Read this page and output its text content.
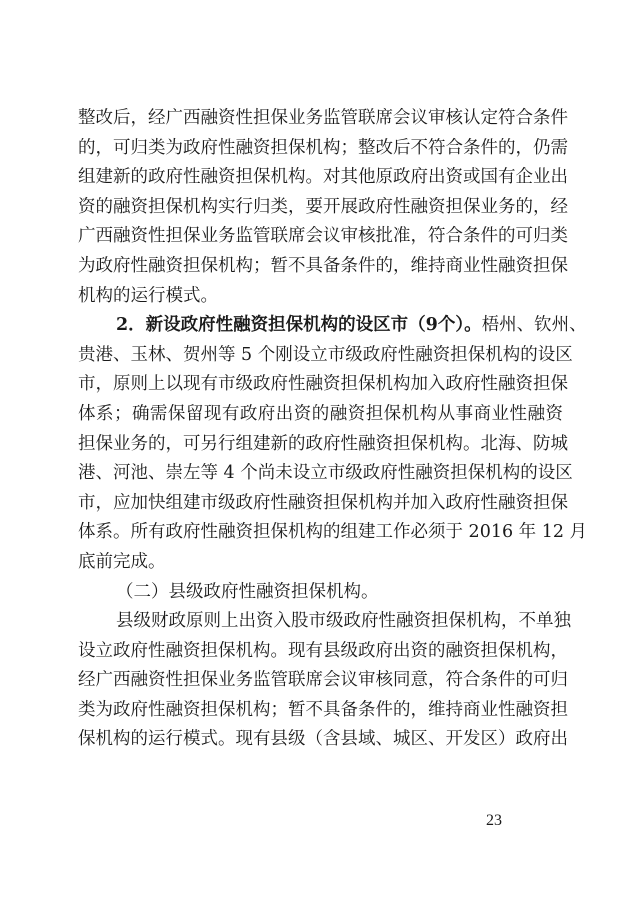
整改后，经广西融资性担保业务监管联席会议审核认定符合条件
的，可归类为政府性融资担保机构；整改后不符合条件的，仍需
组建新的政府性融资担保机构。对其他原政府出资或国有企业出
资的融资担保机构实行归类，要开展政府性融资担保业务的，经
广西融资性担保业务监管联席会议审核批准，符合条件的可归类
为政府性融资担保机构；暂不具备条件的，维持商业性融资担保
机构的运行模式。
2．新设政府性融资担保机构的设区市（9个）。梧州、钦州、
贵港、玉林、贺州等 5 个刚设立市级政府性融资担保机构的设区
市，原则上以现有市级政府性融资担保机构加入政府性融资担保
体系；确需保留现有政府出资的融资担保机构从事商业性融资
担保业务的，可另行组建新的政府性融资担保机构。北海、防城
港、河池、崇左等 4 个尚未设立市级政府性融资担保机构的设区
市，应加快组建市级政府性融资担保机构并加入政府性融资担保
体系。所有政府性融资担保机构的组建工作必须于 2016 年 12 月
底前完成。
（二）县级政府性融资担保机构。
县级财政原则上出资入股市级政府性融资担保机构，不单独
设立政府性融资担保机构。现有县级政府出资的融资担保机构，
经广西融资性担保业务监管联席会议审核同意，符合条件的可归
类为政府性融资担保机构；暂不具备条件的，维持商业性融资担
保机构的运行模式。现有县级（含县域、城区、开发区）政府出
23
